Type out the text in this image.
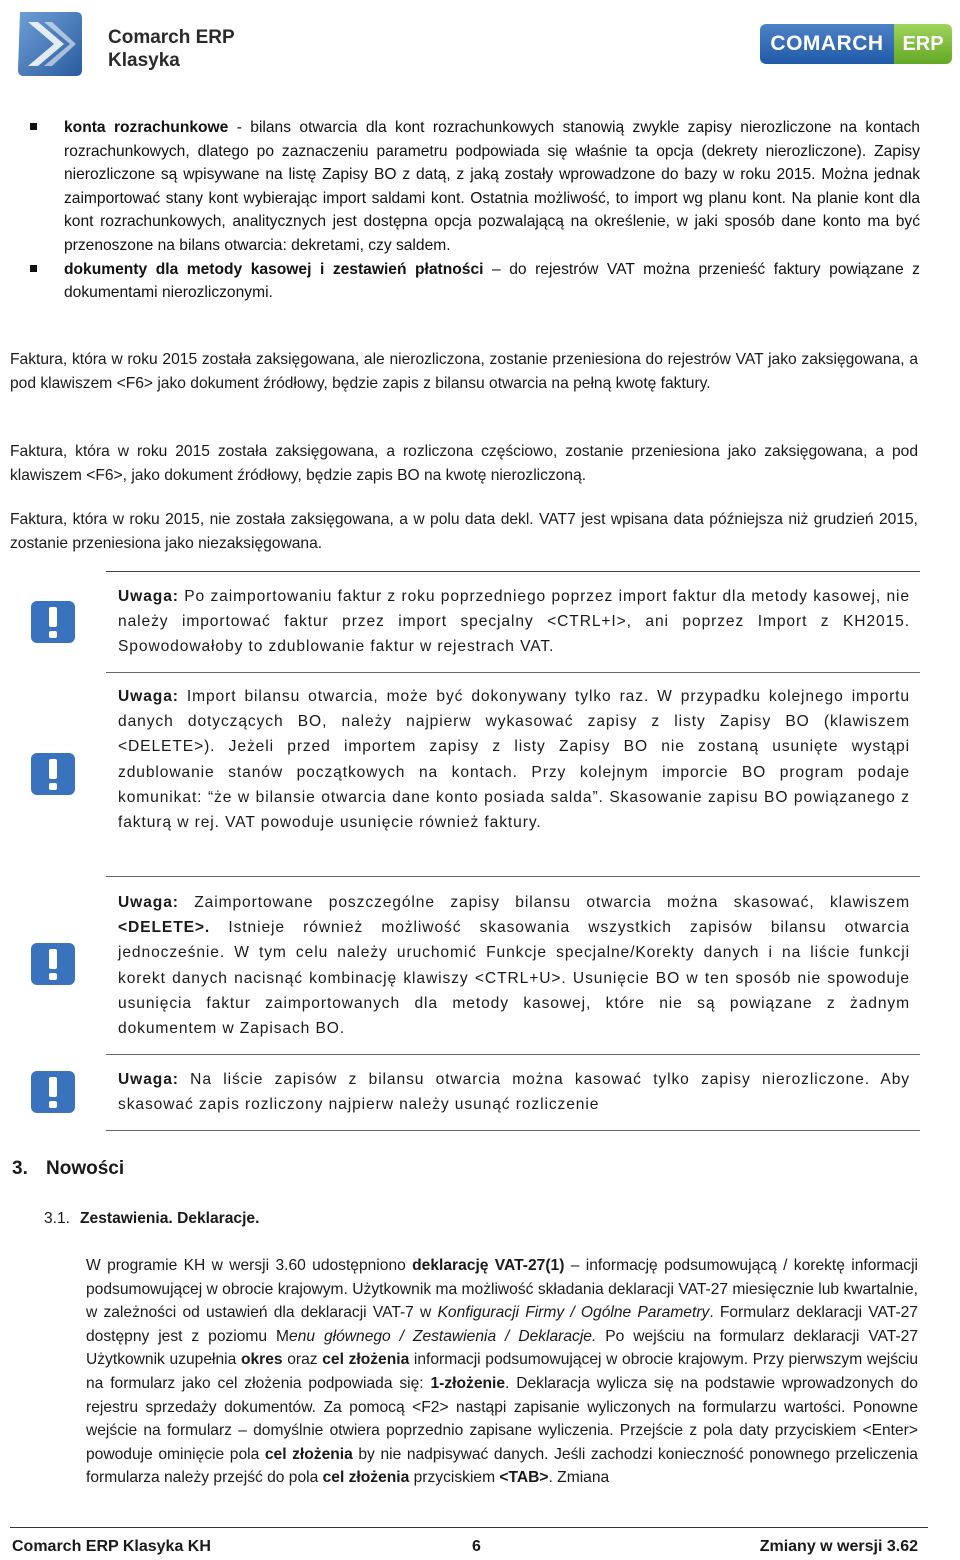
Comarch ERP
Klasyka
COMARCH ERP
konta rozrachunkowe - bilans otwarcia dla kont rozrachunkowych stanowią zwykle zapisy nierozliczone na kontach rozrachunkowych, dlatego po zaznaczeniu parametru podpowiada się właśnie ta opcja (dekrety nierozliczone). Zapisy nierozliczone są wpisywane na listę Zapisy BO z datą, z jaką zostały wprowadzone do bazy w roku 2015. Można jednak zaimportować stany kont wybierając import saldami kont. Ostatnia możliwość, to import wg planu kont. Na planie kont dla kont rozrachunkowych, analitycznych jest dostępna opcja pozwalającą na określenie, w jaki sposób dane konto ma być przenoszone na bilans otwarcia: dekretami, czy saldem.
dokumenty dla metody kasowej i zestawień płatności – do rejestrów VAT można przenieść faktury powiązane z dokumentami nierozliczonymi.

Faktura, która w roku 2015 została zaksięgowana, ale nierozliczona, zostanie przeniesiona do rejestrów VAT jako zaksięgowana, a pod klawiszem <F6> jako dokument źródłowy, będzie zapis z bilansu otwarcia na pełną kwotę faktury.

Faktura, która w roku 2015 została zaksięgowana, a rozliczona częściowo, zostanie przeniesiona jako zaksięgowana, a pod klawiszem <F6>, jako dokument źródłowy, będzie zapis BO na kwotę nierozliczoną.

Faktura, która w roku 2015, nie została zaksięgowana, a w polu data dekl. VAT7 jest wpisana data późniejsza niż grudzień 2015, zostanie przeniesiona jako niezaksięgowana.

Uwaga: Po zaimportowaniu faktur z roku poprzedniego poprzez import faktur dla metody kasowej, nie należy importować faktur przez import specjalny <CTRL+I>, ani poprzez Import z KH2015. Spowodowałoby to zdublowanie faktur w rejestrach VAT.

Uwaga: Import bilansu otwarcia, może być dokonywany tylko raz. W przypadku kolejnego importu danych dotyczących BO, należy najpierw wykasować zapisy z listy Zapisy BO (klawiszem <DELETE>). Jeżeli przed importem zapisy z listy Zapisy BO nie zostaną usunięte wystąpi zdublowanie stanów początkowych na kontach. Przy kolejnym imporcie BO program podaje komunikat: “że w bilansie otwarcia dane konto posiada salda”. Skasowanie zapisu BO powiązanego z fakturą w rej. VAT powoduje usunięcie również faktury.

Uwaga: Zaimportowane poszczególne zapisy bilansu otwarcia można skasować, klawiszem <DELETE>. Istnieje również możliwość skasowania wszystkich zapisów bilansu otwarcia jednocześnie. W tym celu należy uruchomić Funkcje specjalne/Korekty danych i na liście funkcji korekt danych nacisnąć kombinację klawiszy <CTRL+U>. Usunięcie BO w ten sposób nie spowoduje usunięcia faktur zaimportowanych dla metody kasowej, które nie są powiązane z żadnym dokumentem w Zapisach BO.

Uwaga: Na liście zapisów z bilansu otwarcia można kasować tylko zapisy nierozliczone. Aby skasować zapis rozliczony najpierw należy usunąć rozliczenie

3. Nowości
3.1. Zestawienia. Deklaracje.

W programie KH w wersji 3.60 udostępniono deklarację VAT-27(1) – informację podsumowującą / korektę informacji podsumowującej w obrocie krajowym. Użytkownik ma możliwość składania deklaracji VAT-27 miesięcznie lub kwartalnie, w zależności od ustawień dla deklaracji VAT-7 w Konfiguracji Firmy / Ogólne Parametry. Formularz deklaracji VAT-27 dostępny jest z poziomu Menu głównego / Zestawienia / Deklaracje. Po wejściu na formularz deklaracji VAT-27 Użytkownik uzupełnia okres oraz cel złożenia informacji podsumowującej w obrocie krajowym. Przy pierwszym wejściu na formularz jako cel złożenia podpowiada się: 1-złożenie. Deklaracja wylicza się na podstawie wprowadzonych do rejestru sprzedaży dokumentów. Za pomocą <F2> nastąpi zapisanie wyliczonych na formularzu wartości. Ponowne wejście na formularz – domyślnie otwiera poprzednio zapisane wyliczenia. Przejście z pola daty przyciskiem <Enter> powoduje ominięcie pola cel złożenia by nie nadpisywać danych. Jeśli zachodzi konieczność ponownego przeliczenia formularza należy przejść do pola cel złożenia przyciskiem <TAB>. Zmiana

Comarch ERP Klasyka KH	6	Zmiany w wersji 3.62
